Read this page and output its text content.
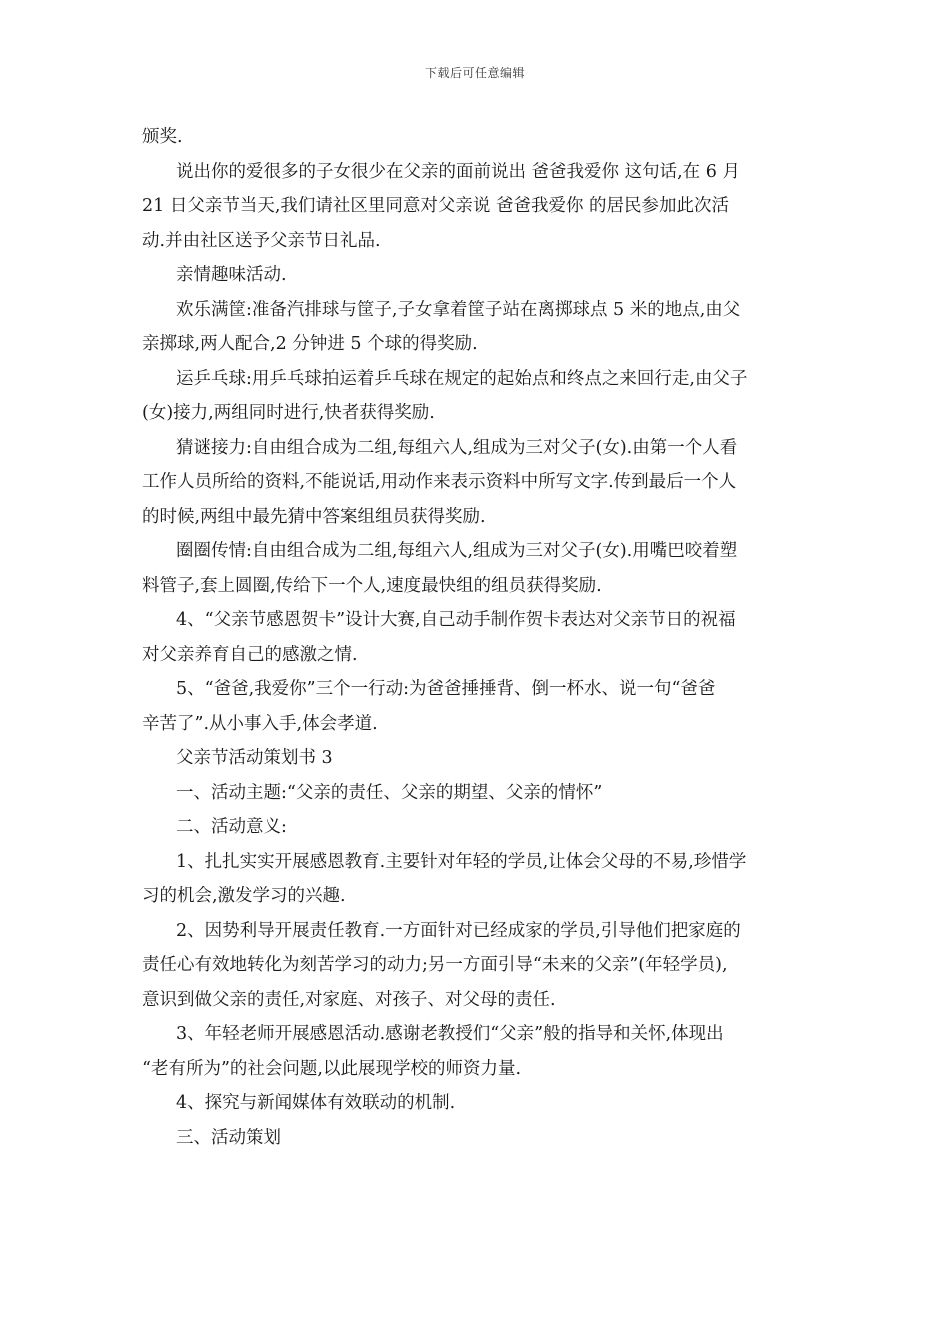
下载后可任意编辑
颁奖.
说出你的爱很多的子女很少在父亲的面前说出 爸爸我爱你 这句话,在 6 月
21 日父亲节当天,我们请社区里同意对父亲说 爸爸我爱你 的居民参加此次活
动.并由社区送予父亲节日礼品.
亲情趣味活动.
欢乐满筐:准备汽排球与筐子,子女拿着筐子站在离掷球点 5 米的地点,由父
亲掷球,两人配合,2 分钟进 5 个球的得奖励.
运乒乓球:用乒乓球拍运着乒乓球在规定的起始点和终点之来回行走,由父子
(女)接力,两组同时进行,快者获得奖励.
猜谜接力:自由组合成为二组,每组六人,组成为三对父子(女).由第一个人看
工作人员所给的资料,不能说话,用动作来表示资料中所写文字.传到最后一个人
的时候,两组中最先猜中答案组组员获得奖励.
圈圈传情:自由组合成为二组,每组六人,组成为三对父子(女).用嘴巴咬着塑
料管子,套上圆圈,传给下一个人,速度最快组的组员获得奖励.
4、“父亲节感恩贺卡”设计大赛,自己动手制作贺卡表达对父亲节日的祝福
对父亲养育自己的感激之情.
5、“爸爸,我爱你”三个一行动:为爸爸捶捶背、倒一杯水、说一句“爸爸
辛苦了”.从小事入手,体会孝道.
父亲节活动策划书 3
一、活动主题:“父亲的责任、父亲的期望、父亲的情怀”
二、活动意义:
1、扎扎实实开展感恩教育.主要针对年轻的学员,让体会父母的不易,珍惜学
习的机会,激发学习的兴趣.
2、因势利导开展责任教育.一方面针对已经成家的学员,引导他们把家庭的
责任心有效地转化为刻苦学习的动力;另一方面引导“未来的父亲”(年轻学员),
意识到做父亲的责任,对家庭、对孩子、对父母的责任.
3、年轻老师开展感恩活动.感谢老教授们“父亲”般的指导和关怀,体现出
“老有所为”的社会问题,以此展现学校的师资力量.
4、探究与新闻媒体有效联动的机制.
三、活动策划
